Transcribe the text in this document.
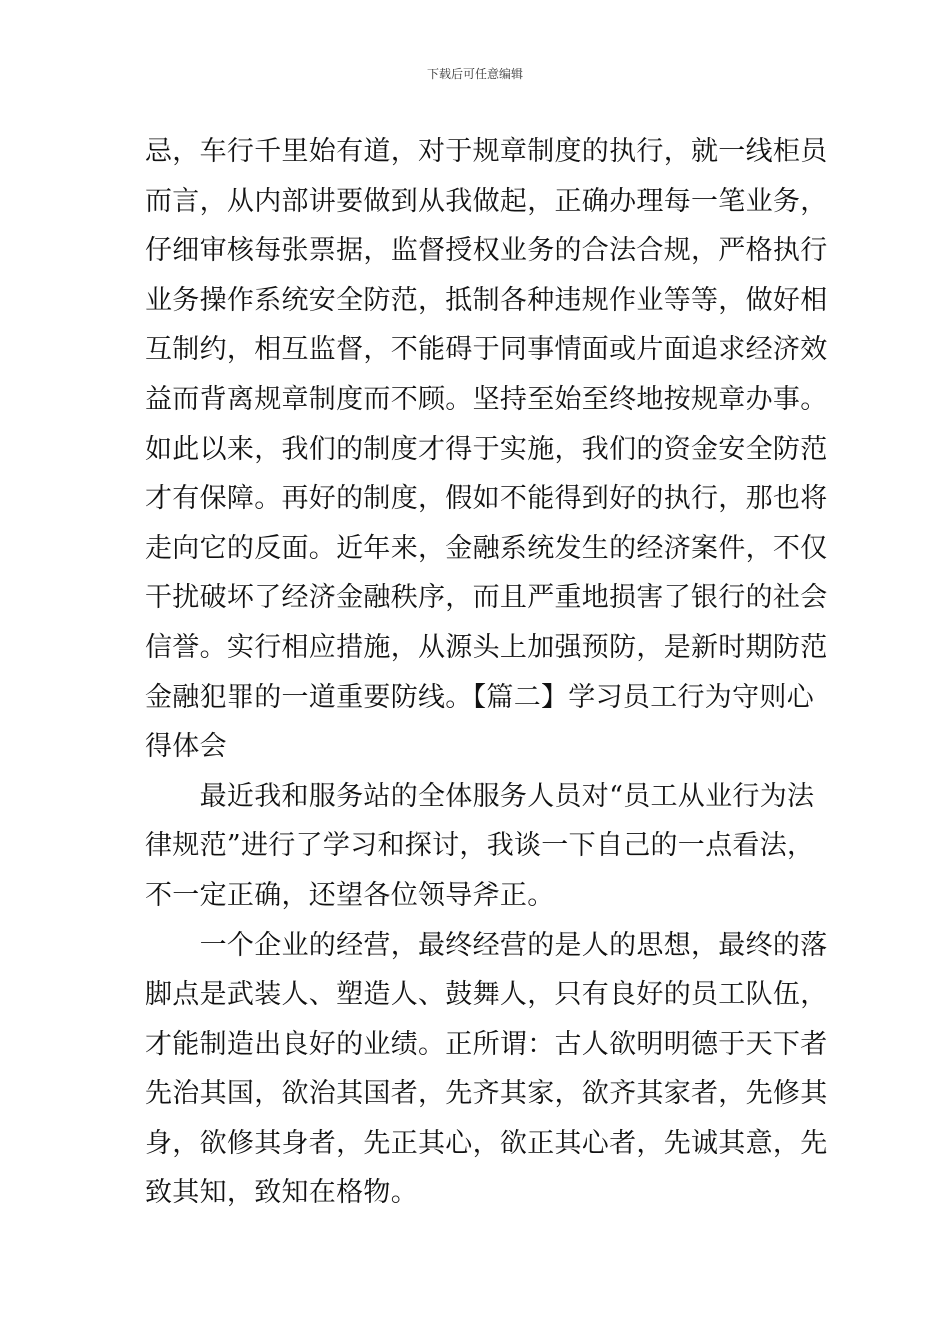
下载后可任意编辑
忌，车行千里始有道，对于规章制度的执行，就一线柜员
而言，从内部讲要做到从我做起，正确办理每一笔业务，
仔细审核每张票据，监督授权业务的合法合规，严格执行
业务操作系统安全防范，抵制各种违规作业等等，做好相
互制约，相互监督，不能碍于同事情面或片面追求经济效
益而背离规章制度而不顾。坚持至始至终地按规章办事。
如此以来，我们的制度才得于实施，我们的资金安全防范
才有保障。再好的制度，假如不能得到好的执行，那也将
走向它的反面。近年来，金融系统发生的经济案件，不仅
干扰破坏了经济金融秩序，而且严重地损害了银行的社会
信誉。实行相应措施，从源头上加强预防，是新时期防范
金融犯罪的一道重要防线。【篇二】学习员工行为守则心
得体会
　　最近我和服务站的全体服务人员对“员工从业行为法
律规范”进行了学习和探讨，我谈一下自己的一点看法，
不一定正确，还望各位领导斧正。
　　一个企业的经营，最终经营的是人的思想，最终的落
脚点是武装人、塑造人、鼓舞人，只有良好的员工队伍，
才能制造出良好的业绩。正所谓：古人欲明明德于天下者
先治其国，欲治其国者，先齐其家，欲齐其家者，先修其
身，欲修其身者，先正其心，欲正其心者，先诚其意，先
致其知，致知在格物。
